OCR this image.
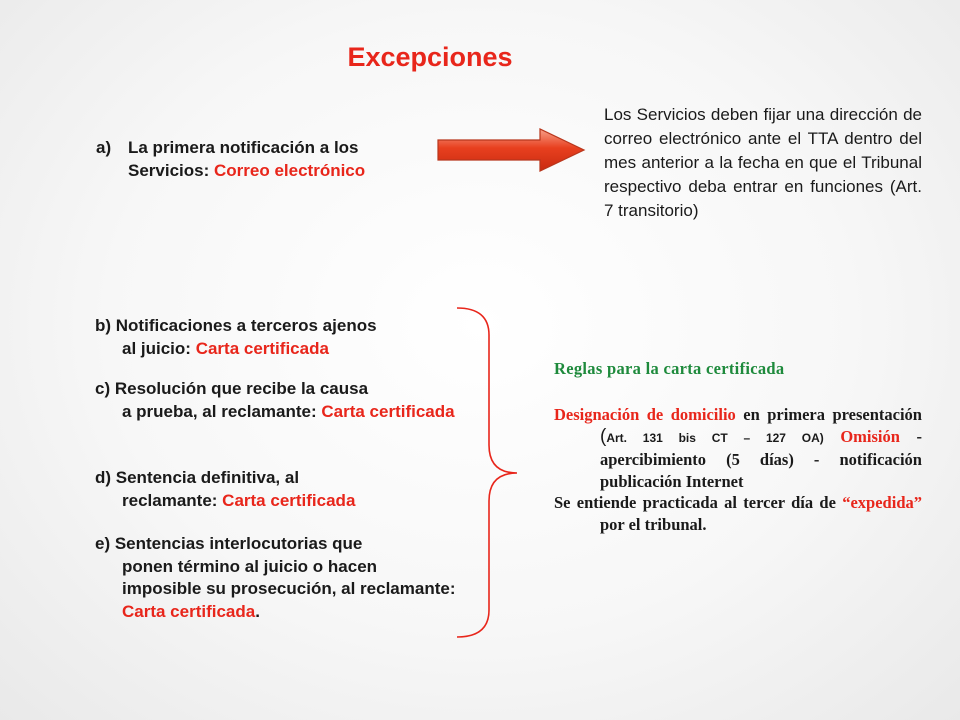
Excepciones
a) La primera notificación a los
Servicios: Correo electrónico
Los Servicios deben fijar una dirección de correo electrónico ante el TTA dentro del mes anterior a la fecha en que el Tribunal respectivo deba entrar en funciones (Art. 7 transitorio)
b) Notificaciones a terceros ajenos
al juicio: Carta certificada
c) Resolución que recibe la causa
a prueba, al reclamante: Carta certificada
d) Sentencia definitiva, al
reclamante: Carta certificada
e) Sentencias interlocutorias que
ponen término al juicio o hacen imposible su prosecución, al reclamante: Carta certificada.
Reglas para la carta certificada
Designación de domicilio en primera presentación (Art. 131 bis CT – 127 OA) Omisión - apercibimiento (5 días) - notificación publicación Internet
Se entiende practicada al tercer día de “expedida” por el tribunal.
